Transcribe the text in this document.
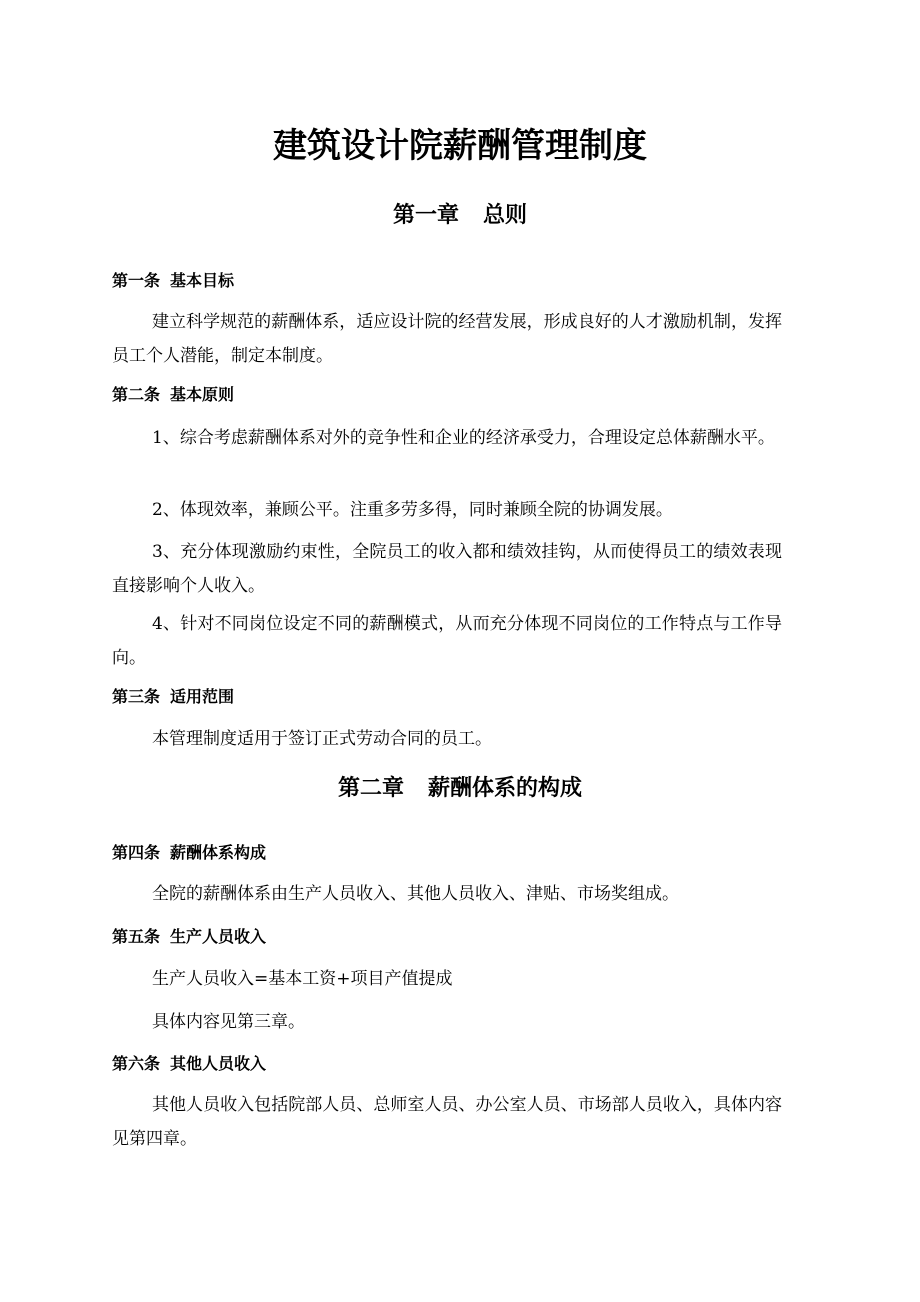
建筑设计院薪酬管理制度
第一章 总则
第一条 基本目标

建立科学规范的薪酬体系，适应设计院的经营发展，形成良好的人才激励机制，发挥员工个人潜能，制定本制度。

第二条 基本原则

1、综合考虑薪酬体系对外的竞争性和企业的经济承受力，合理设定总体薪酬水平。

2、体现效率，兼顾公平。注重多劳多得，同时兼顾全院的协调发展。

3、充分体现激励约束性，全院员工的收入都和绩效挂钩，从而使得员工的绩效表现直接影响个人收入。

4、针对不同岗位设定不同的薪酬模式，从而充分体现不同岗位的工作特点与工作导向。

第三条 适用范围

本管理制度适用于签订正式劳动合同的员工。

第二章 薪酬体系的构成
第四条 薪酬体系构成

全院的薪酬体系由生产人员收入、其他人员收入、津贴、市场奖组成。

第五条 生产人员收入

生产人员收入=基本工资+项目产值提成

具体内容见第三章。

第六条 其他人员收入

其他人员收入包括院部人员、总师室人员、办公室人员、市场部人员收入，具体内容见第四章。
